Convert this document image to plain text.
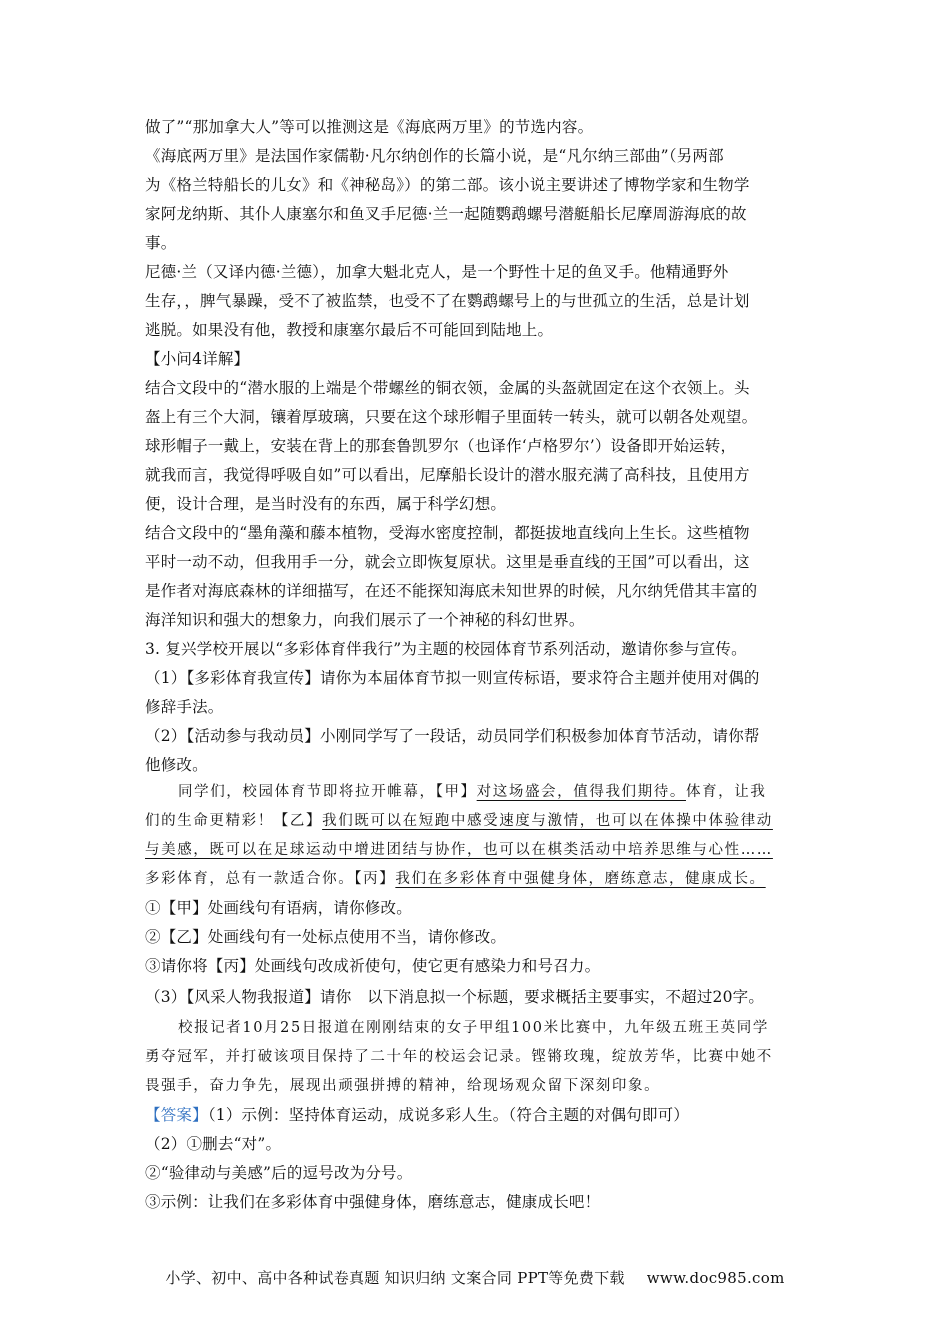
做了”“那加拿大人”等可以推测这是《海底两万里》的节选内容。
《海底两万里》是法国作家儒勒·凡尔纳创作的长篇小说，是“凡尔纳三部曲”（另两部
为《格兰特船长的儿女》和《神秘岛》）的第二部。该小说主要讲述了博物学家和生物学
家阿龙纳斯、其仆人康塞尔和鱼叉手尼德·兰一起随鹦鹉螺号潜艇船长尼摩周游海底的故
事。
尼德·兰（又译内德·兰德），加拿大魁北克人，是一个野性十足的鱼叉手。他精通野外
生存，，脾气暴躁，受不了被监禁，也受不了在鹦鹉螺号上的与世孤立的生活，总是计划
逃脱。如果没有他，教授和康塞尔最后不可能回到陆地上。
【小问4详解】
结合文段中的“潜水服的上端是个带螺丝的铜衣领，金属的头盔就固定在这个衣领上。头
盔上有三个大洞，镶着厚玻璃，只要在这个球形帽子里面转一转头，就可以朝各处观望。
球形帽子一戴上，安装在背上的那套鲁凯罗尔（也译作‘卢格罗尔’）设备即开始运转，
就我而言，我觉得呼吸自如”可以看出，尼摩船长设计的潜水服充满了高科技，且使用方
便，设计合理，是当时没有的东西，属于科学幻想。
结合文段中的“墨角藻和藤本植物，受海水密度控制，都挺拔地直线向上生长。这些植物
平时一动不动，但我用手一分，就会立即恢复原状。这里是垂直线的王国”可以看出，这
是作者对海底森林的详细描写，在还不能探知海底未知世界的时候，凡尔纳凭借其丰富的
海洋知识和强大的想象力，向我们展示了一个神秘的科幻世界。
3. 复兴学校开展以“多彩体育伴我行”为主题的校园体育节系列活动，邀请你参与宣传。
（1）【多彩体育我宣传】请你为本届体育节拟一则宣传标语，要求符合主题并使用对偶的
修辞手法。
（2）【活动参与我动员】小刚同学写了一段话，动员同学们积极参加体育节活动，请你帮
他修改。
同学们，校园体育节即将拉开帷幕，【甲】对这场盛会，值得我们期待。体育，让我
们的生命更精彩！【乙】我们既可以在短跑中感受速度与激情，也可以在体操中体验律动
与美感，既可以在足球运动中增进团结与协作，也可以在棋类活动中培养思维与心性……
多彩体育，总有一款适合你。【丙】我们在多彩体育中强健身体，磨练意志，健康成长。
①【甲】处画线句有语病，请你修改。
②【乙】处画线句有一处标点使用不当，请你修改。
③请你将【丙】处画线句改成祈使句，使它更有感染力和号召力。
（3）【风采人物我报道】请你　以下消息拟一个标题，要求概括主要事实，不超过20字。
校报记者10月25日报道在刚刚结束的女子甲组100米比赛中，九年级五班王英同学
勇夺冠军，并打破该项目保持了二十年的校运会记录。铿锵玫瑰，绽放芳华，比赛中她不
畏强手，奋力争先，展现出顽强拼搏的精神，给现场观众留下深刻印象。
【答案】（1）示例：坚持体育运动，成说多彩人生。（符合主题的对偶句即可）
（2）①删去“对”。
②“验律动与美感”后的逗号改为分号。
③示例：让我们在多彩体育中强健身体，磨练意志，健康成长吧！
小学、初中、高中各种试卷真题 知识归纳 文案合同 PPT等免费下载 www.doc985.com
